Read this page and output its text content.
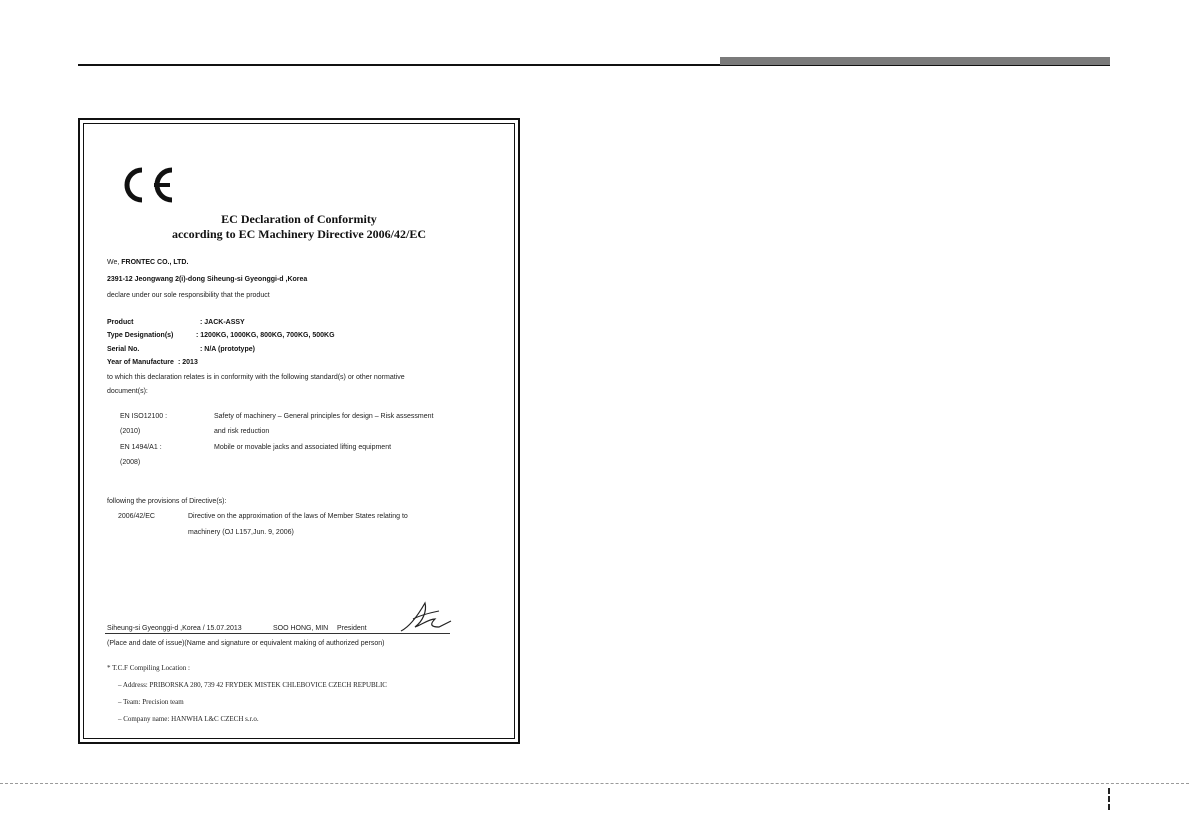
EC Declaration of Conformity
according to EC Machinery Directive 2006/42/EC
We, FRONTEC CO., LTD.
2391-12 Jeongwang 2(i)-dong Siheung-si Gyeonggi-d ,Korea
declare under our sole responsibility that the product
Product	: JACK-ASSY
Type Designation(s)	: 1200KG, 1000KG, 800KG, 700KG, 500KG
Serial No.	: N/A (prototype)
Year of Manufacture : 2013
to which this declaration relates is in conformity with the following standard(s) or other normative
document(s):
EN ISO12100 :	Safety of machinery – General principles for design – Risk assessment
(2010)	and risk reduction
EN 1494/A1 :	Mobile or movable jacks and associated lifting equipment
(2008)
following the provisions of Directive(s):
2006/42/EC	Directive on the approximation of the laws of Member States relating to
machinery (OJ L157,Jun. 9, 2006)
Siheung-si Gyeonggi-d ,Korea / 15.07.2013	SOO HONG, MIN President
(Place and date of issue)(Name and signature or equivalent making of authorized person)
* T.C.F Compiling Location :
– Address: PRIBORSKA 280, 739 42 FRYDEK MISTEK CHLEBOVICE CZECH REPUBLIC
– Team: Precision team
– Company name: HANWHA L&C CZECH s.r.o.
